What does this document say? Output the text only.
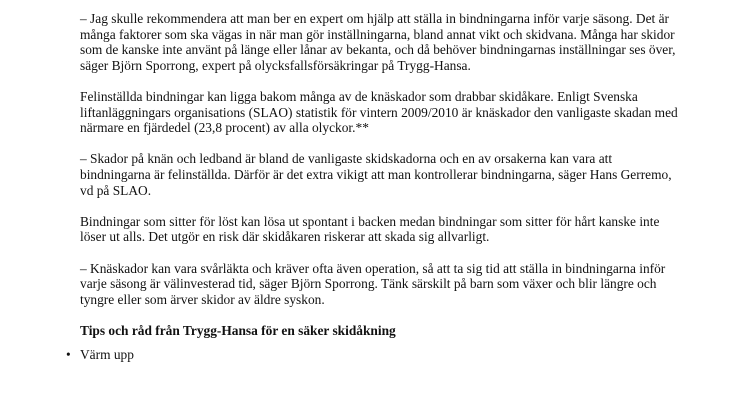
– Jag skulle rekommendera att man ber en expert om hjälp att ställa in bindningarna inför varje säsong. Det är många faktorer som ska vägas in när man gör inställningarna, bland annat vikt och skidvana. Många har skidor som de kanske inte använt på länge eller lånar av bekanta, och då behöver bindningarnas inställningar ses över, säger Björn Sporrong, expert på olycksfallsförsäkringar på Trygg-Hansa.

Felinställda bindningar kan ligga bakom många av de knäskador som drabbar skidåkare. Enligt Svenska liftanläggningars organisations (SLAO) statistik för vintern 2009/2010 är knäskador den vanligaste skadan med närmare en fjärdedel (23,8 procent) av alla olyckor.**

– Skador på knän och ledband är bland de vanligaste skidskadorna och en av orsakerna kan vara att bindningarna är felinställda. Därför är det extra vikigt att man kontrollerar bindningarna, säger Hans Gerremo, vd på SLAO.

Bindningar som sitter för löst kan lösa ut spontant i backen medan bindningar som sitter för hårt kanske inte löser ut alls. Det utgör en risk där skidåkaren riskerar att skada sig allvarligt.

– Knäskador kan vara svårläkta och kräver ofta även operation, så att ta sig tid att ställa in bindningarna inför varje säsong är välinvesterad tid, säger Björn Sporrong. Tänk särskilt på barn som växer och blir längre och tyngre eller som ärver skidor av äldre syskon.

Tips och råd från Trygg-Hansa för en säker skidåkning

• Värm upp
